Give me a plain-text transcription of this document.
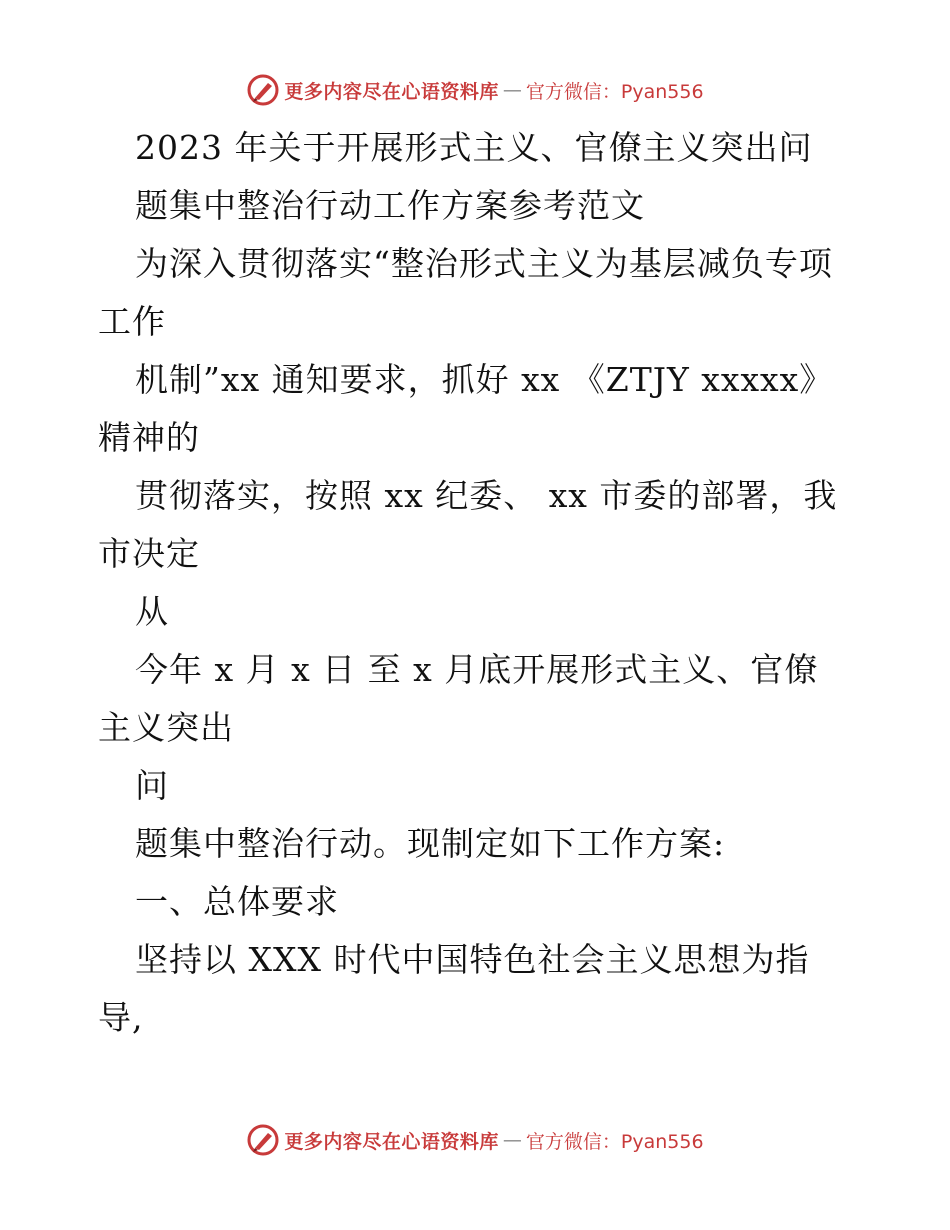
更多内容尽在心语资料库 — 官方微信：Pyan556
2023 年关于开展形式主义、官僚主义突出问
题集中整治行动工作方案参考范文
为深入贯彻落实“整治形式主义为基层减负专项
工作
机制”xx 通知要求，抓好 xx 《ZTJY xxxxx》
精神的
贯彻落实，按照 xx 纪委、 xx 市委的部署，我
市决定
从
今年 x 月 x 日 至 x 月底开展形式主义、官僚
主义突出
问
题集中整治行动。现制定如下工作方案:
一、总体要求
坚持以 XXX 时代中国特色社会主义思想为指
导,
更多内容尽在心语资料库 — 官方微信：Pyan556
